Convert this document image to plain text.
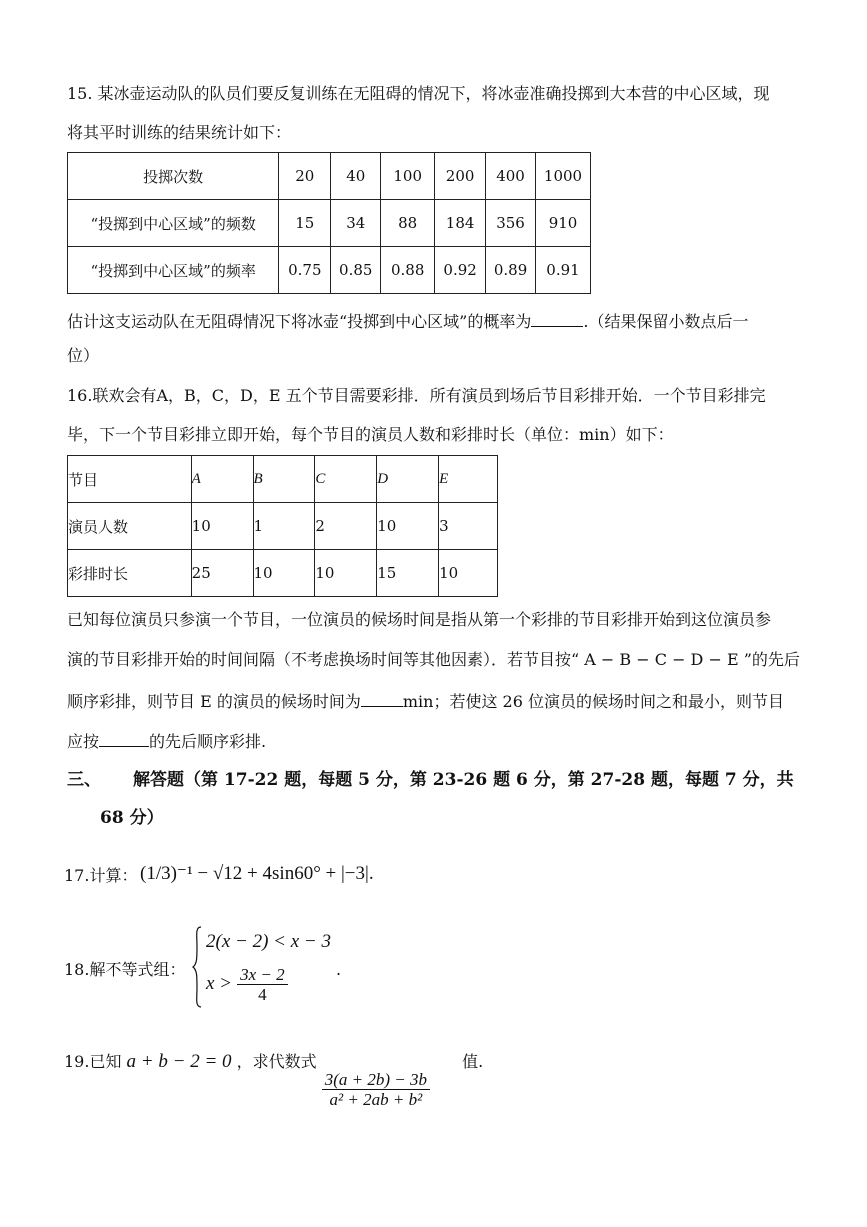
15. 某冰壶运动队的队员们要反复训练在无阻碍的情况下，将冰壶准确投掷到大本营的中心区域，现
将其平时训练的结果统计如下：
投掷次数	20	40	100	200	400	1000
“投掷到中心区域”的频数	15	34	88	184	356	910
“投掷到中心区域”的频率	0.75	0.85	0.88	0.92	0.89	0.91
估计这支运动队在无阻碍情况下将冰壶“投掷到中心区域”的概率为	.（结果保留小数点后一
位）
16.联欢会有A，B，C，D，E 五个节目需要彩排．所有演员到场后节目彩排开始．一个节目彩排完
毕，下一个节目彩排立即开始，每个节目的演员人数和彩排时长（单位：min）如下：
节目	A	B	C	D	E
演员人数	10	1	2	10	3
彩排时长	25	10	10	15	10
已知每位演员只参演一个节目，一位演员的候场时间是指从第一个彩排的节目彩排开始到这位演员参
演的节目彩排开始的时间间隔（不考虑换场时间等其他因素）．若节目按“ A − B − C − D − E ”的先后
顺序彩排，则节目 E 的演员的候场时间为	min；若使这 26 位演员的候场时间之和最小，则节目
应按	的先后顺序彩排.
三、 解答题（第 17-22 题，每题 5 分，第 23-26 题 6 分，第 27-28 题，每题 7 分，共
68 分）
17.计算： (1/3)⁻¹ − √12 + 4sin60° + |−3|.
18.解不等式组：
2(x − 2) < x − 3
$x > \frac{3x - 2}{4}$	.
19.已知 a + b − 2 = 0 ，求代数式
$\frac{3(a + 2b) - 3b}{\text{a² + 2ab + b²}}$
值.
